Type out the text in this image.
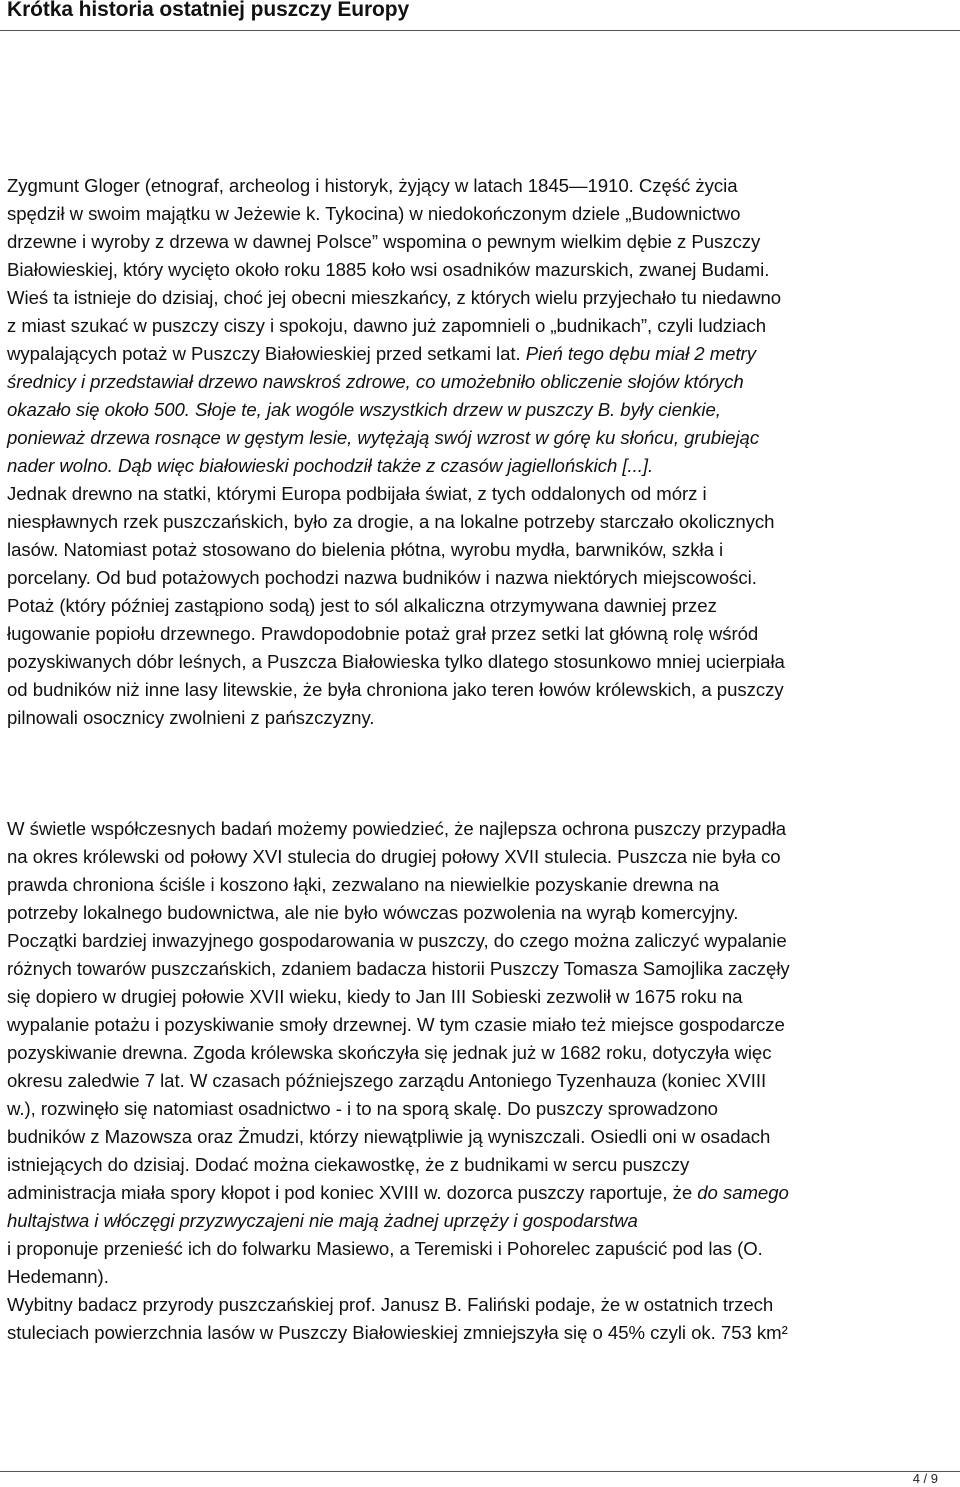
Krótka historia ostatniej puszczy Europy
Zygmunt Gloger (etnograf, archeolog i historyk, żyjący w latach 1845—1910. Część życia
spędził w swoim majątku w Jeżewie k. Tykocina) w niedokończonym dziele „Budownictwo
drzewne i wyroby z drzewa w dawnej Polsce” wspomina o pewnym wielkim dębie z Puszczy
Białowieskiej, który wycięto około roku 1885 koło wsi osadników mazurskich, zwanej Budami.
Wieś ta istnieje do dzisiaj, choć jej obecni mieszkańcy, z których wielu przyjechało tu niedawno
z miast szukać w puszczy ciszy i spokoju, dawno już zapomnieli o „budnikach”, czyli ludziach
wypalających potaż w Puszczy Białowieskiej przed setkami lat. Pień tego dębu miał 2 metry
średnicy i przedstawiał drzewo nawskroś zdrowe, co umożebniło obliczenie słojów których
okazało się około 500. Słoje te, jak wogóle wszystkich drzew w puszczy B. były cienkie,
ponieważ drzewa rosnące w gęstym lesie, wytężają swój wzrost w górę ku słońcu, grubiejąc
nader wolno. Dąb więc białowieski pochodził także z czasów jagiellońskich [...].
Jednak drewno na statki, którymi Europa podbijała świat, z tych oddalonych od mórz i
niespławnych rzek puszczańskich, było za drogie, a na lokalne potrzeby starczało okolicznych
lasów. Natomiast potaż stosowano do bielenia płótna, wyrobu mydła, barwników, szkła i
porcelany. Od bud potażowych pochodzi nazwa budników i nazwa niektórych miejscowości.
Potaż (który później zastąpiono sodą) jest to sól alkaliczna otrzymywana dawniej przez
ługowanie popiołu drzewnego. Prawdopodobnie potaż grał przez setki lat główną rolę wśród
pozyskiwanych dóbr leśnych, a Puszcza Białowieska tylko dlatego stosunkowo mniej ucierpiała
od budników niż inne lasy litewskie, że była chroniona jako teren łowów królewskich, a puszczy
pilnowali osocznicy zwolnieni z pańszczyzny.
W świetle współczesnych badań możemy powiedzieć, że najlepsza ochrona puszczy przypadła
na okres królewski od połowy XVI stulecia do drugiej połowy XVII stulecia. Puszcza nie była co
prawda chroniona ściśle i koszono łąki, zezwalano na niewielkie pozyskanie drewna na
potrzeby lokalnego budownictwa, ale nie było wówczas pozwolenia na wyrąb komercyjny.
Początki bardziej inwazyjnego gospodarowania w puszczy, do czego można zaliczyć wypalanie
różnych towarów puszczańskich, zdaniem badacza historii Puszczy Tomasza Samojlika zaczęły
się dopiero w drugiej połowie XVII wieku, kiedy to Jan III Sobieski zezwolił w 1675 roku na
wypalanie potażu i pozyskiwanie smoły drzewnej. W tym czasie miało też miejsce gospodarcze
pozyskiwanie drewna. Zgoda królewska skończyła się jednak już w 1682 roku, dotyczyła więc
okresu zaledwie 7 lat. W czasach późniejszego zarządu Antoniego Tyzenhauza (koniec XVIII
w.), rozwinęło się natomiast osadnictwo - i to na sporą skalę. Do puszczy sprowadzono
budników z Mazowsza oraz Żmudzi, którzy niewątpliwie ją wyniszczali. Osiedli oni w osadach
istniejących do dzisiaj. Dodać można ciekawostkę, że z budnikami w sercu puszczy
administracja miała spory kłopot i pod koniec XVIII w. dozorca puszczy raportuje, że do samego
hultajstwa i włóczęgi przyzwyczajeni nie mają żadnej uprzęży i gospodarstwa
i proponuje przenieść ich do folwarku Masiewo, a Teremiski i Pohorelec zapuścić pod las (O.
Hedemann).
Wybitny badacz przyrody puszczańskiej prof. Janusz B. Faliński podaje, że w ostatnich trzech
stuleciach powierzchnia lasów w Puszczy Białowieskiej zmniejszyła się o 45% czyli ok. 753 km²
4 / 9
